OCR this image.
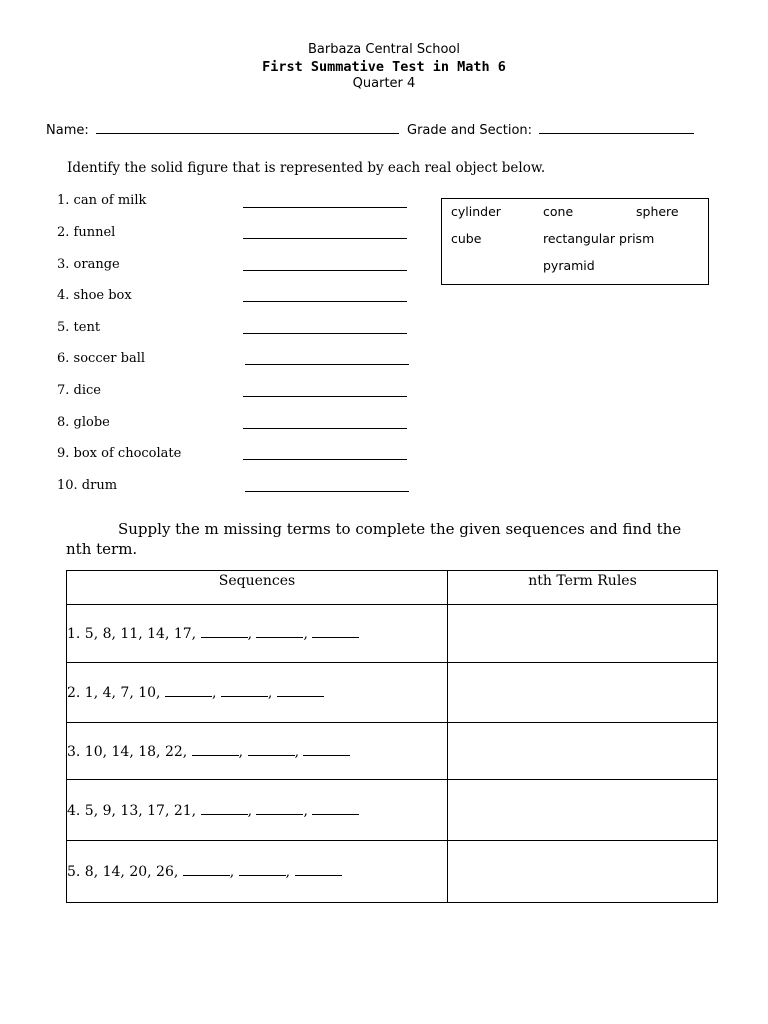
Barbaza Central School
First Summative Test in Math 6
Quarter 4
Name:	Grade and Section:
Identify the solid figure that is represented by each real object below.
1. can of milk
2. funnel
3. orange
4. shoe box
5. tent
6. soccer ball
7. dice
8. globe
9. box of chocolate
10. drum
cylinder	cone	sphere
cube	rectangular prism
pyramid
Supply the m missing terms to complete the given sequences and find the
nth term.
Sequences	nth Term Rules
1. 5, 8, 11, 14, 17, , ,	
2. 1, 4, 7, 10, , ,	
3. 10, 14, 18, 22, , ,	
4. 5, 9, 13, 17, 21, , ,	
5. 8, 14, 20, 26, , ,	
